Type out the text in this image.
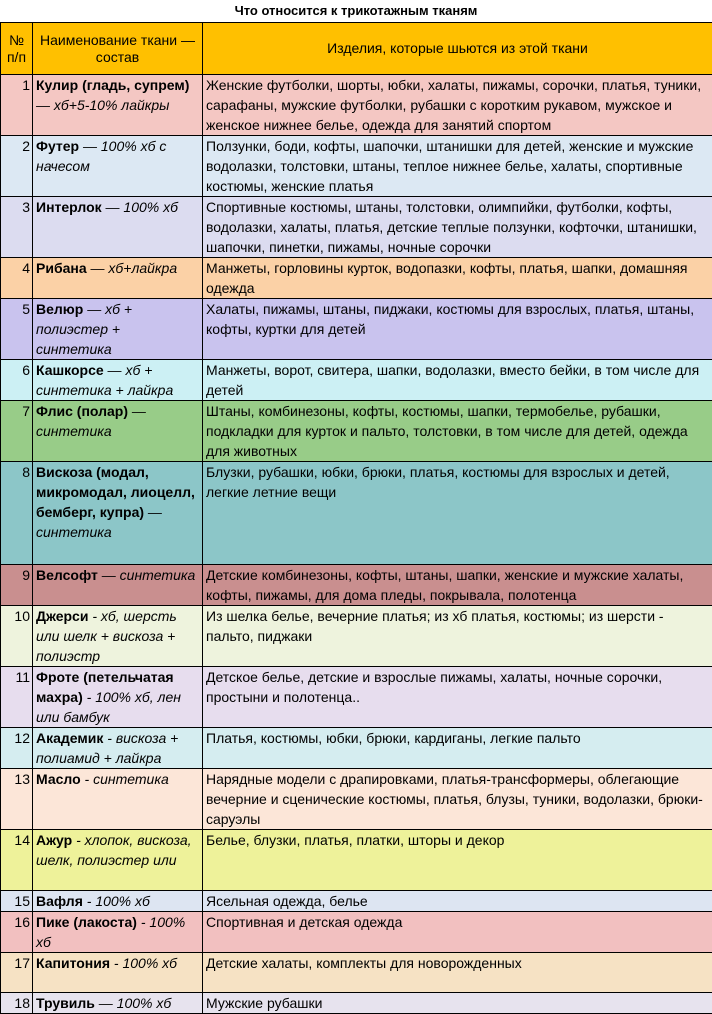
Что относится к трикотажным тканям
№ п/п	Наименование ткани — состав	Изделия, которые шьются из этой ткани
1	Кулир (гладь, супрем) — хб+5-10% лайкры	Женские футболки, шорты, юбки, халаты, пижамы, сорочки, платья, туники, сарафаны, мужские футболки, рубашки с коротким рукавом, мужское и женское нижнее белье, одежда для занятий спортом
2	Футер — 100% хб с начесом	Ползунки, боди, кофты, шапочки, штанишки для детей, женские и мужские водолазки, толстовки, штаны, теплое нижнее белье, халаты, спортивные костюмы, женские платья
3	Интерлок — 100% хб	Спортивные костюмы, штаны, толстовки, олимпийки, футболки, кофты, водолазки, халаты, платья, детские теплые ползунки, кофточки, штанишки, шапочки, пинетки, пижамы, ночные сорочки
4	Рибана — хб+лайкра	Манжеты, горловины курток, водопазки, кофты, платья, шапки, домашняя одежда
5	Велюр — хб + полиэстер + синтетика	Халаты, пижамы, штаны, пиджаки, костюмы для взрослых, платья, штаны, кофты, куртки для детей
6	Кашкорсе — хб + синтетика + лайкра	Манжеты, ворот, свитера, шапки, водолазки, вместо бейки, в том числе для детей
7	Флис (полар) — синтетика	Штаны, комбинезоны, кофты, костюмы, шапки, термобелье, рубашки, подкладки для курток и пальто, толстовки, в том числе для детей, одежда для животных
8	Вискоза (модал, микромодал, лиоцелл, бемберг, купра) — синтетика	Блузки, рубашки, юбки, брюки, платья, костюмы для взрослых и детей, легкие летние вещи
9	Велсофт — синтетика	Детские комбинезоны, кофты, штаны, шапки, женские и мужские халаты, кофты, пижамы, для дома пледы, покрывала, полотенца
10	Джерси - хб, шерсть или шелк + вискоза + полиэстр	Из шелка белье, вечерние платья; из хб платья, костюмы; из шерсти - пальто, пиджаки
11	Фроте (петельчатая махра) - 100% хб, лен или бамбук	Детское белье, детские и взрослые пижамы, халаты, ночные сорочки, простыни и полотенца..
12	Академик - вискоза + полиамид + лайкра	Платья, костюмы, юбки, брюки, кардиганы, легкие пальто
13	Масло - синтетика	Нарядные модели с драпировками, платья-трансформеры, облегающие вечерние и сценические костюмы, платья, блузы, туники, водолазки, брюки-саруэлы
14	Ажур - хлопок, вискоза, шелк, полиэстер или	Белье, блузки, платья, платки, шторы и декор
15	Вафля - 100% хб	Ясельная одежда, белье
16	Пике (лакоста) - 100% хб	Спортивная и детская одежда
17	Капитония - 100% хб	Детские халаты, комплекты для новорожденных
18	Трувиль — 100% хб	Мужские рубашки
